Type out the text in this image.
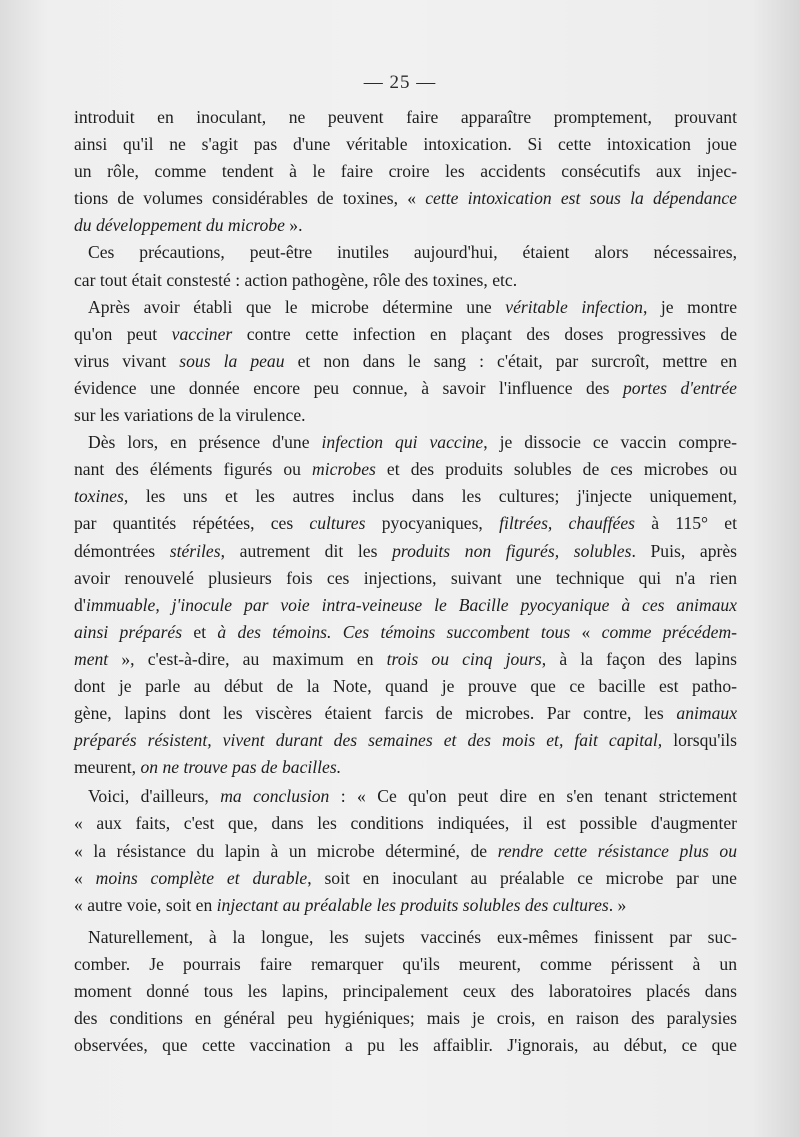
— 25 —
introduit en inoculant, ne peuvent faire apparaître promptement, prouvant
ainsi qu'il ne s'agit pas d'une véritable intoxication. Si cette intoxication joue
un rôle, comme tendent à le faire croire les accidents consécutifs aux injec-
tions de volumes considérables de toxines, « cette intoxication est sous la dépendance
du développement du microbe ».
Ces précautions, peut-être inutiles aujourd'hui, étaient alors nécessaires,
car tout était constesté : action pathogène, rôle des toxines, etc.
Après avoir établi que le microbe détermine une véritable infection, je montre
qu'on peut vacciner contre cette infection en plaçant des doses progressives de
virus vivant sous la peau et non dans le sang : c'était, par surcroît, mettre en
évidence une donnée encore peu connue, à savoir l'influence des portes d'entrée
sur les variations de la virulence.
Dès lors, en présence d'une infection qui vaccine, je dissocie ce vaccin compre-
nant des éléments figurés ou microbes et des produits solubles de ces microbes ou
toxines, les uns et les autres inclus dans les cultures; j'injecte uniquement,
par quantités répétées, ces cultures pyocyaniques, filtrées, chauffées à 115° et
démontrées stériles, autrement dit les produits non figurés, solubles. Puis, après
avoir renouvelé plusieurs fois ces injections, suivant une technique qui n'a rien
d'immuable, j'inocule par voie intra-veineuse le Bacille pyocyanique à ces animaux
ainsi préparés et à des témoins. Ces témoins succombent tous « comme précédem-
ment », c'est-à-dire, au maximum en trois ou cinq jours, à la façon des lapins
dont je parle au début de la Note, quand je prouve que ce bacille est patho-
gène, lapins dont les viscères étaient farcis de microbes. Par contre, les animaux
préparés résistent, vivent durant des semaines et des mois et, fait capital, lorsqu'ils
meurent, on ne trouve pas de bacilles.
Voici, d'ailleurs, ma conclusion : « Ce qu'on peut dire en s'en tenant strictement
« aux faits, c'est que, dans les conditions indiquées, il est possible d'augmenter
« la résistance du lapin à un microbe déterminé, de rendre cette résistance plus ou
« moins complète et durable, soit en inoculant au préalable ce microbe par une
« autre voie, soit en injectant au préalable les produits solubles des cultures. »
Naturellement, à la longue, les sujets vaccinés eux-mêmes finissent par suc-
comber. Je pourrais faire remarquer qu'ils meurent, comme périssent à un
moment donné tous les lapins, principalement ceux des laboratoires placés dans
des conditions en général peu hygiéniques; mais je crois, en raison des paralysies
observées, que cette vaccination a pu les affaiblir. J'ignorais, au début, ce que
